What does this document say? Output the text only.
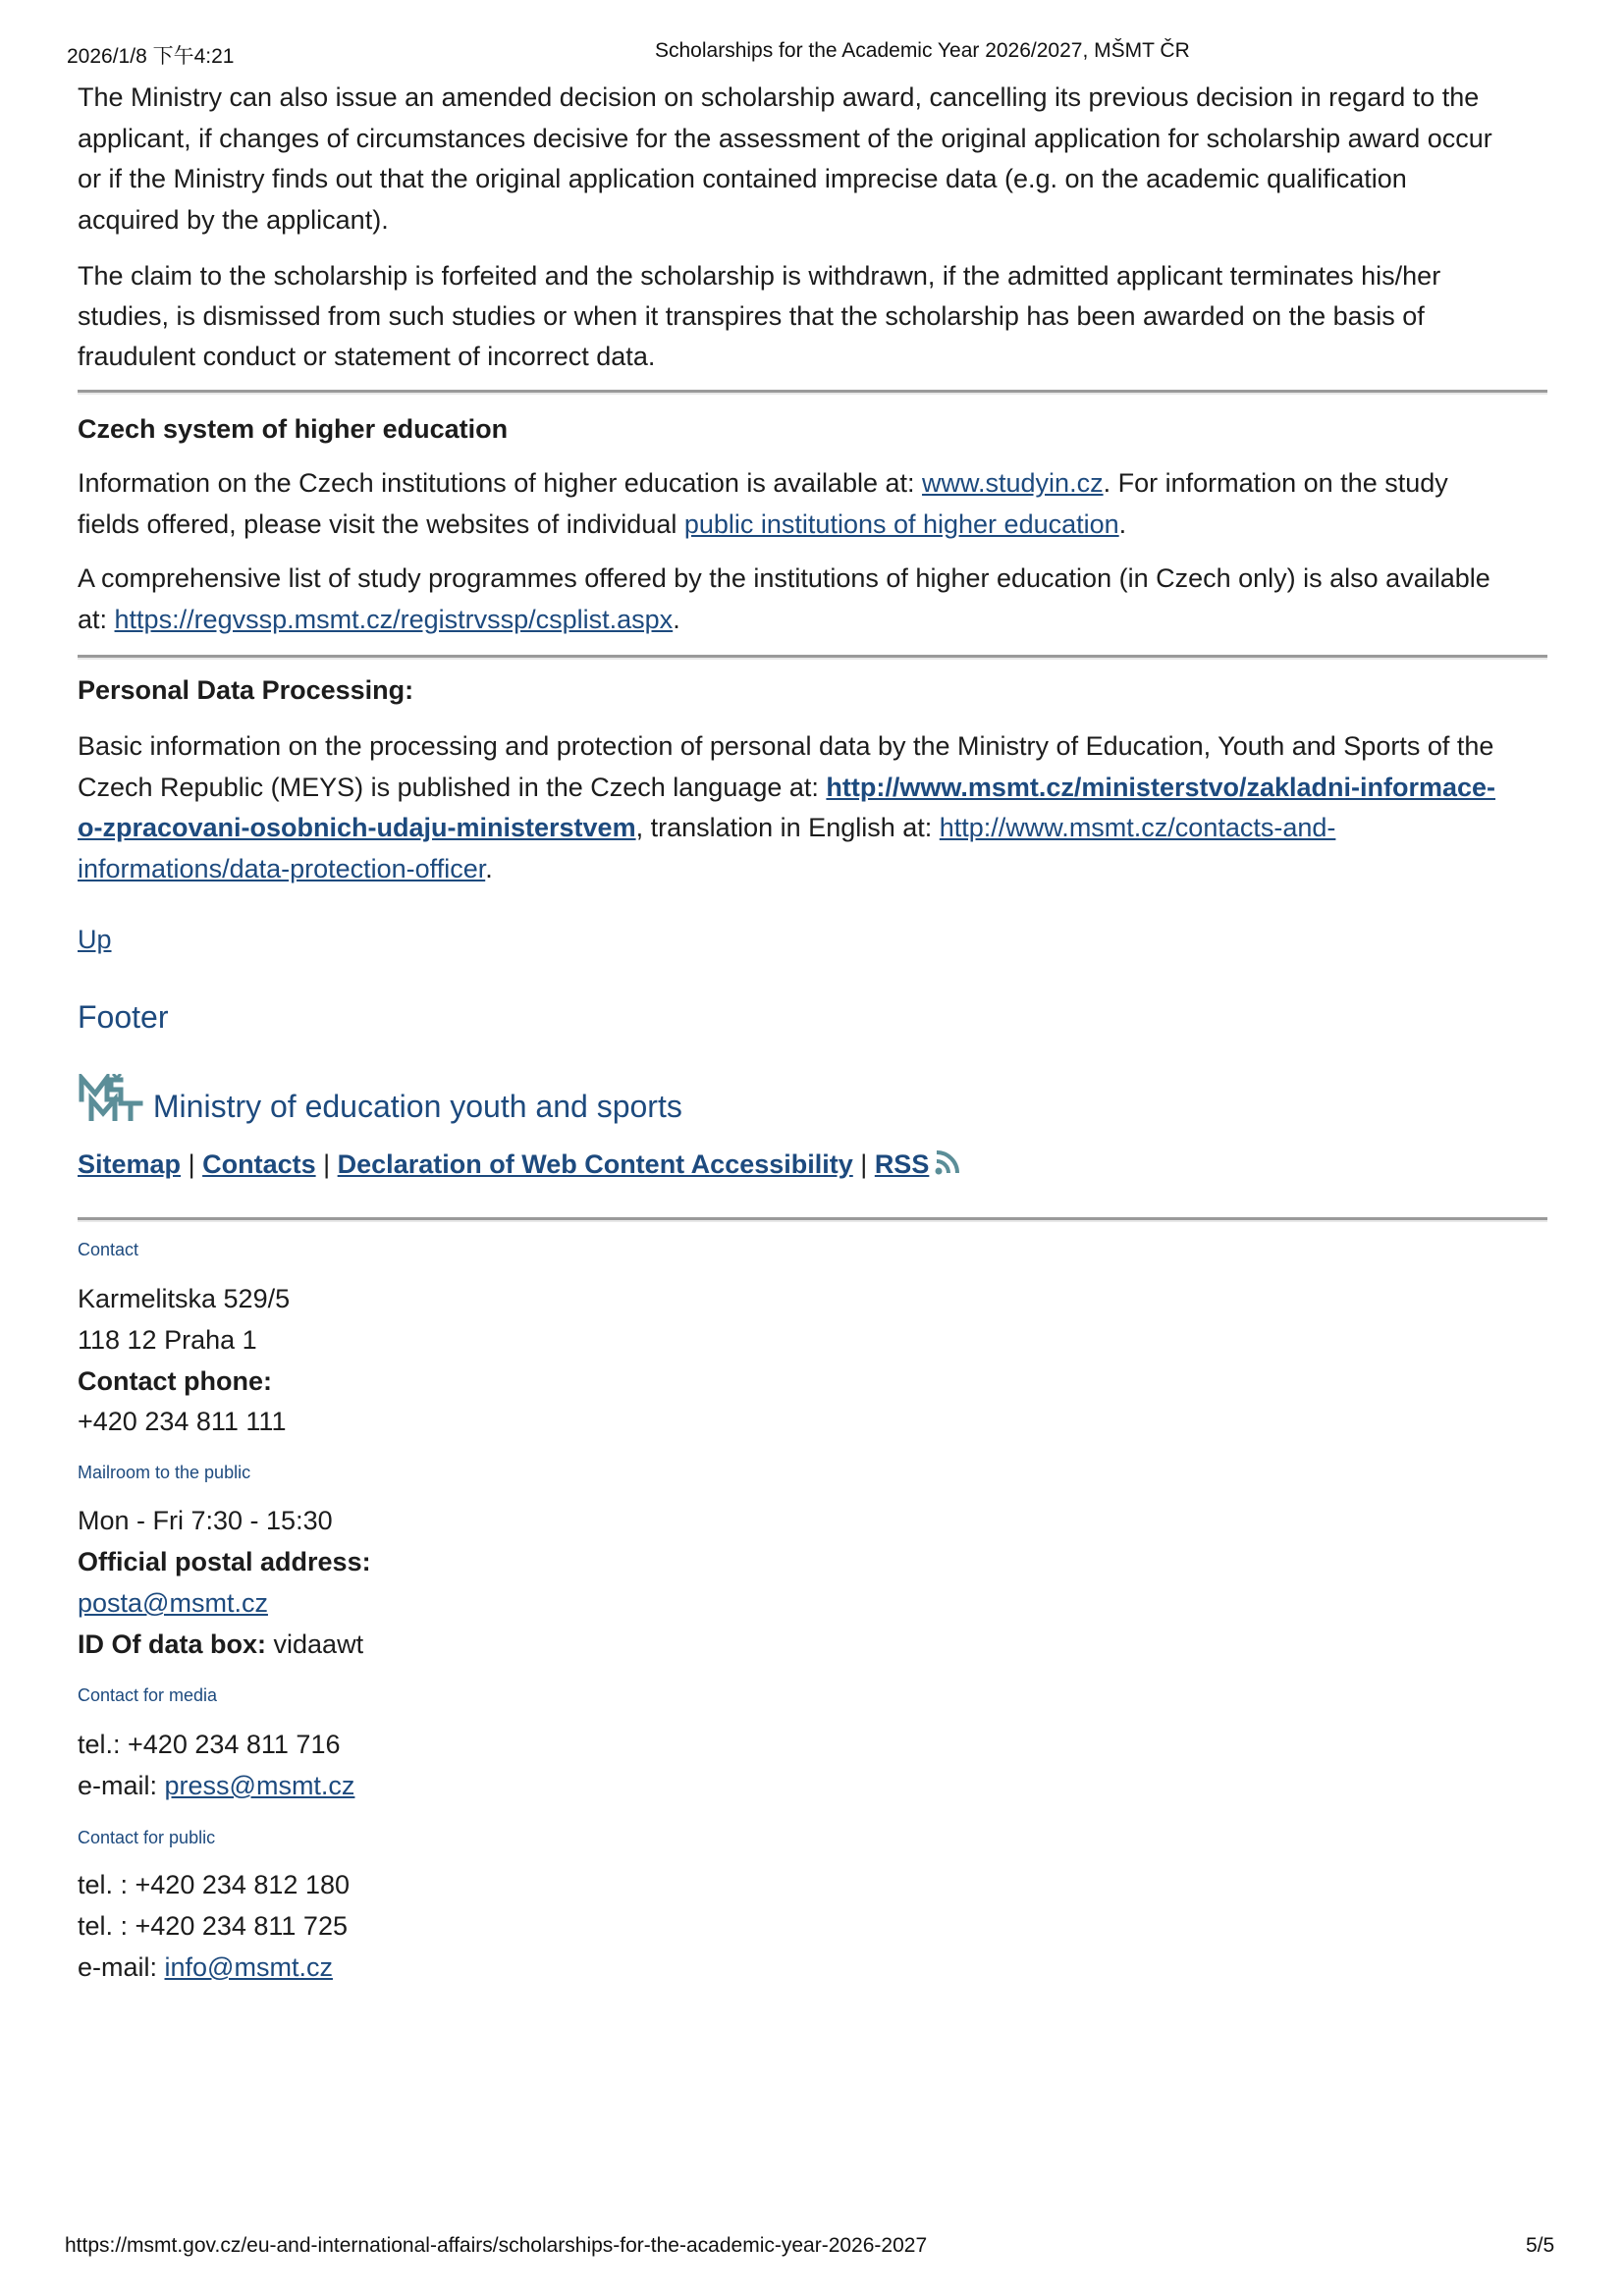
2026/1/8 下午4:21	Scholarships for the Academic Year 2026/2027, MŠMT ČR
The Ministry can also issue an amended decision on scholarship award, cancelling its previous decision in regard to the
applicant, if changes of circumstances decisive for the assessment of the original application for scholarship award occur
or if the Ministry finds out that the original application contained imprecise data (e.g. on the academic qualification
acquired by the applicant).
The claim to the scholarship is forfeited and the scholarship is withdrawn, if the admitted applicant terminates his/her
studies, is dismissed from such studies or when it transpires that the scholarship has been awarded on the basis of
fraudulent conduct or statement of incorrect data.
Czech system of higher education
Information on the Czech institutions of higher education is available at: www.studyin.cz. For information on the study
fields offered, please visit the websites of individual public institutions of higher education.
A comprehensive list of study programmes offered by the institutions of higher education (in Czech only) is also available
at: https://regvssp.msmt.cz/registrvssp/csplist.aspx.
Personal Data Processing:
Basic information on the processing and protection of personal data by the Ministry of Education, Youth and Sports of the
Czech Republic (MEYS) is published in the Czech language at: http://www.msmt.cz/ministerstvo/zakladni-informace-
o-zpracovani-osobnich-udaju-ministerstvem, translation in English at: http://www.msmt.cz/contacts-and-
informations/data-protection-officer.
Up
Footer
Ministry of education youth and sports
Sitemap | Contacts | Declaration of Web Content Accessibility | RSS
Contact
Karmelitska 529/5
118 12 Praha 1
Contact phone:
+420 234 811 111
Mailroom to the public
Mon - Fri 7:30 - 15:30
Official postal address:
posta@msmt.cz
ID Of data box: vidaawt
Contact for media
tel.: +420 234 811 716
e-mail: press@msmt.cz
Contact for public
tel. : +420 234 812 180
tel. : +420 234 811 725
e-mail: info@msmt.cz
https://msmt.gov.cz/eu-and-international-affairs/scholarships-for-the-academic-year-2026-2027	5/5
